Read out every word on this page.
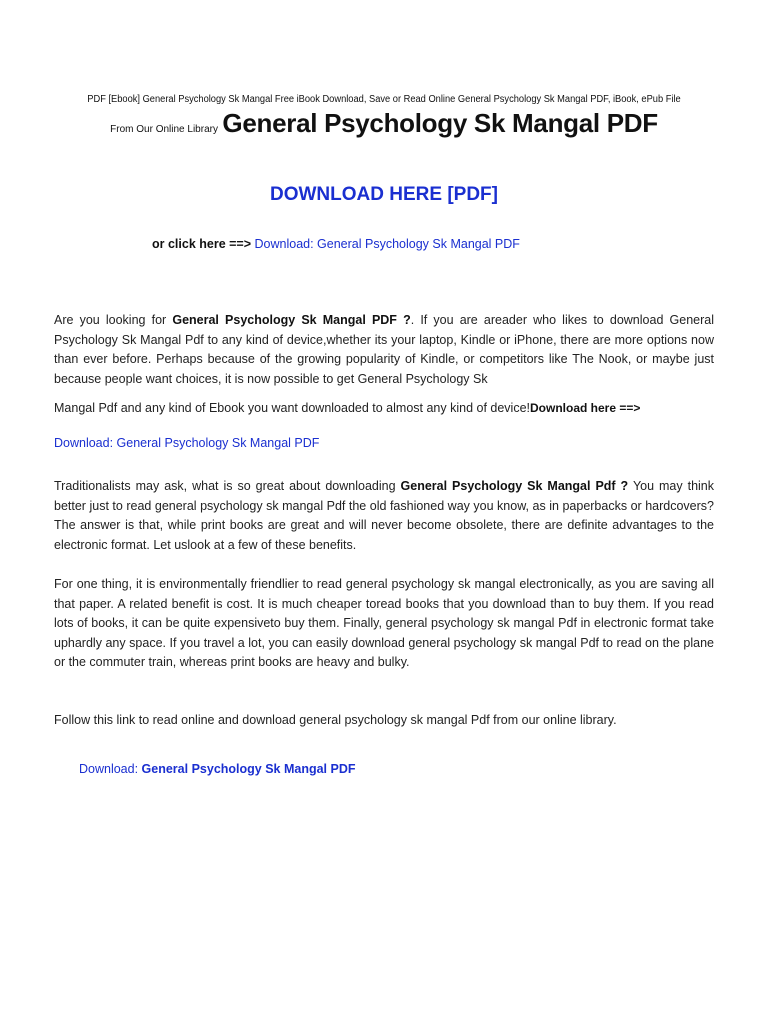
PDF [Ebook] General Psychology Sk Mangal Free iBook Download, Save or Read Online General Psychology Sk Mangal PDF, iBook, ePub File
From Our Online Library General Psychology Sk Mangal PDF
DOWNLOAD HERE [PDF]
or click here ==> Download: General Psychology Sk Mangal PDF
Are you looking for General Psychology Sk Mangal PDF ?. If you are areader who likes to download General Psychology Sk Mangal Pdf to any kind of device,whether its your laptop, Kindle or iPhone, there are more options now than ever before. Perhaps because of the growing popularity of Kindle, or competitors like The Nook, or maybe just because people want choices, it is now possible to get General Psychology Sk
Mangal Pdf and any kind of Ebook you want downloaded to almost any kind of device!Download here ==>
Download: General Psychology Sk Mangal PDF
Traditionalists may ask, what is so great about downloading General Psychology Sk Mangal Pdf ? You may think better just to read general psychology sk mangal Pdf the old fashioned way you know, as in paperbacks or hardcovers? The answer is that, while print books are great and will never become obsolete, there are definite advantages to the electronic format. Let uslook at a few of these benefits.
For one thing, it is environmentally friendlier to read general psychology sk mangal electronically, as you are saving all that paper. A related benefit is cost. It is much cheaper toread books that you download than to buy them. If you read lots of books, it can be quite expensiveto buy them. Finally, general psychology sk mangal Pdf in electronic format take uphardly any space. If you travel a lot, you can easily download general psychology sk mangal Pdf to read on the plane or the commuter train, whereas print books are heavy and bulky.
Follow this link to read online and download general psychology sk mangal Pdf from our online library.
Download: General Psychology Sk Mangal PDF
